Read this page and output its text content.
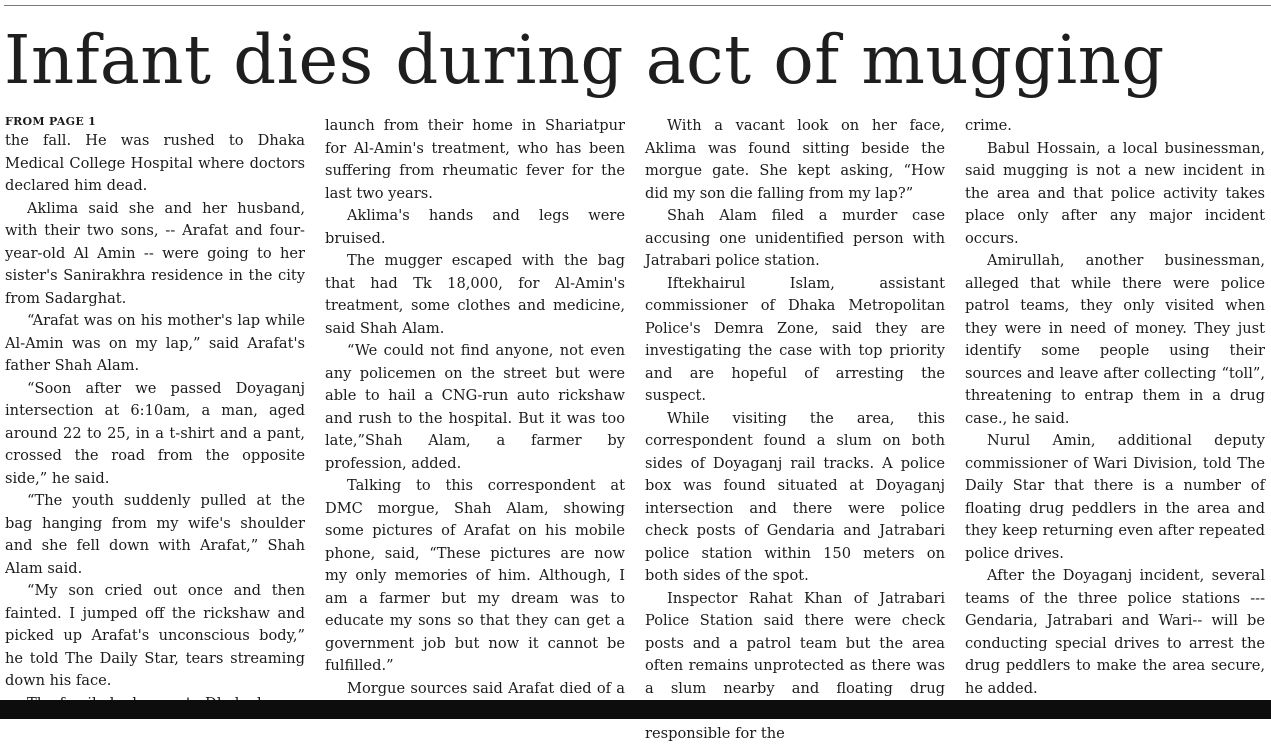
Infant dies during act of mugging
FROM PAGE 1

the fall. He was rushed to Dhaka Medical College Hospital where doctors declared him dead.

Aklima said she and her husband, with their two sons, -- Arafat and four-year-old Al Amin -- were going to her sister's Sanirakhra residence in the city from Sadarghat.

“Arafat was on his mother's lap while Al-Amin was on my lap,” said Arafat's father Shah Alam.

“Soon after we passed Doyaganj intersection at 6:10am, a man, aged around 22 to 25, in a t-shirt and a pant, crossed the road from the opposite side,” he said.

“The youth suddenly pulled at the bag hanging from my wife's shoulder and she fell down with Arafat,” Shah Alam said.

“My son cried out once and then fainted. I jumped off the rickshaw and picked up Arafat's unconscious body,” he told The Daily Star, tears streaming down his face.

launch from their home in Shariatpur for Al-Amin's treatment, who has been suffering from rheumatic fever for the last two years.

Aklima's hands and legs were bruised.

The mugger escaped with the bag that had Tk 18,000, for Al-Amin's treatment, some clothes and medicine, said Shah Alam.

“We could not find anyone, not even any policemen on the street but were able to hail a CNG-run auto rickshaw and rush to the hospital. But it was too late,”Shah Alam, a farmer by profession, added.

Talking to this correspondent at DMC morgue, Shah Alam, showing some pictures of Arafat on his mobile phone, said, “These pictures are now my only memories of him. Although, I am a farmer but my dream was to educate my sons so that they can get a government job but now it cannot be fulfilled.”

Morgue sources said Arafat died of a

With a vacant look on her face, Aklima was found sitting beside the morgue gate. She kept asking, “How did my son die falling from my lap?”

Shah Alam filed a murder case accusing one unidentified person with Jatrabari police station.

Iftekhairul Islam, assistant commissioner of Dhaka Metropolitan Police's Demra Zone, said they are investigating the case with top priority and are hopeful of arresting the suspect.

While visiting the area, this correspondent found a slum on both sides of Doyaganj rail tracks. A police box was found situated at Doyaganj intersection and there were police check posts of Gendaria and Jatrabari police station within 150 meters on both sides of the spot.

Inspector Rahat Khan of Jatrabari Police Station said there were check posts and a patrol team but the area often remains unprotected as there was a slum nearby and floating drug responsible for the

crime.

Babul Hossain, a local businessman, said mugging is not a new incident in the area and that police activity takes place only after any major incident occurs.

Amirullah, another businessman, alleged that while there were police patrol teams, they only visited when they were in need of money. They just identify some people using their sources and leave after collecting “toll”, threatening to entrap them in a drug case., he said.

Nurul Amin, additional deputy commissioner of Wari Division, told The Daily Star that there is a number of floating drug peddlers in the area and they keep returning even after repeated police drives.

After the Doyaganj incident, several teams of the three police stations --- Gendaria, Jatrabari and Wari-- will be conducting special drives to arrest the drug peddlers to make the area secure, he added.
